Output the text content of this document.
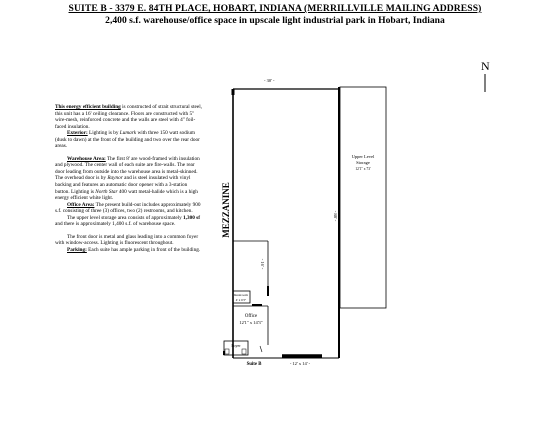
SUITE B - 3379 E. 84TH PLACE, HOBART, INDIANA (MERRILLVILLE MAILING ADDRESS)
2,400 s.f. warehouse/office space in upscale light industrial park in Hobart, Indiana

This energy efficient building is constructed of strait structural steel, this unit has a 16' ceiling clearance. Floors are constructed with 5" wire-mesh, reinforced concrete and the walls are steel with 4" foil-faced insulation.

Exterior: Lighting is by Lumark with three 150 watt sodium (dusk to dawn) at the front of the building and two over the rear door areas.

Warehouse Area: The first 8' are wood-framed with insulation and plywood. The center wall of each suite are fire-walls. The rear door leading from outside into the warehouse area is metal-skinned. The overhead door is by Raynor and is steel insulated with vinyl backing and features an automatic door opener with a 3-station button. Lighting is North Star 400 watt metal-halide which is a high energy efficient white light.

Office Area: The present build-out includes approximately 900 s.f. consisting of three (3) offices, two (2) restrooms, and kitchen.

The upper level storage area consists of approximately 1,300 sf and there is approximately 1,400 s.f. of warehouse space.

The front door is metal and glass leading into a common foyer with window-access. Lighting is fluorescent throughout.

Parking: Each suite has ample parking in front of the building.

N
- 30' -
Upper Level
Storage
12'1" x 73'
- 88' -
MEZZANINE
- 16' -
Restroom
4' x 6'3"
Office
12'1" x 14'3"
Foyer
Suite B	- 12' x 14' -
